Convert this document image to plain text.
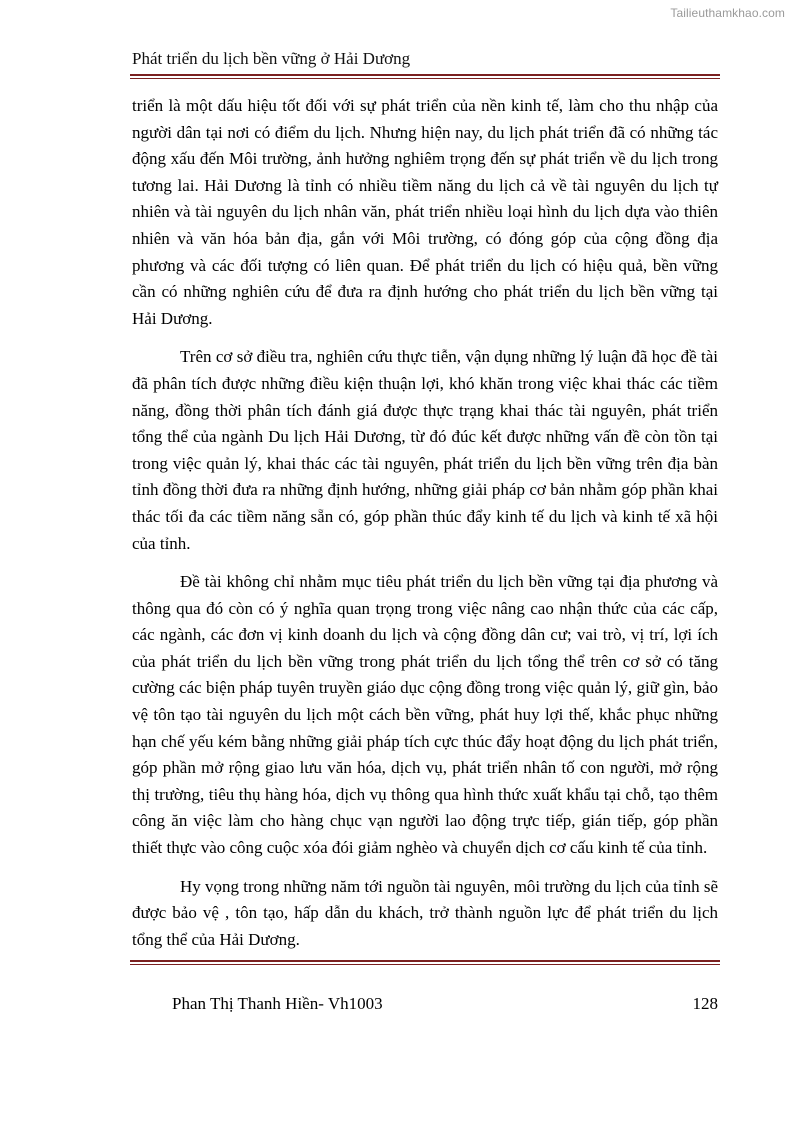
Tailieuthamkhao.com
Phát triển du lịch bền vững ở Hải Dương

triển là một dấu hiệu tốt đối với sự phát triển của nền kinh tế, làm cho thu nhập của người dân tại nơi có điểm du lịch. Nhưng hiện nay, du lịch phát triển đã có những tác động xấu đến Môi trường, ảnh hưởng nghiêm trọng đến sự phát triển về du lịch trong tương lai. Hải Dương là tỉnh có nhiều tiềm năng du lịch cả về tài nguyên du lịch tự nhiên và tài nguyên du lịch nhân văn, phát triển nhiều loại hình du lịch dựa vào thiên nhiên và văn hóa bản địa, gắn với Môi trường, có đóng góp của cộng đồng địa phương và các đối tượng có liên quan. Để phát triển du lịch có hiệu quả, bền vững cần có những nghiên cứu để đưa ra định hướng cho phát triển du lịch bền vững tại Hải Dương.

Trên cơ sở điều tra, nghiên cứu thực tiễn, vận dụng những lý luận đã học đề tài đã phân tích được những điều kiện thuận lợi, khó khăn trong việc khai thác các tiềm năng, đồng thời phân tích đánh giá được thực trạng khai thác tài nguyên, phát triển tổng thể của ngành Du lịch Hải Dương, từ đó đúc kết được những vấn đề còn tồn tại trong việc quản lý, khai thác các tài nguyên, phát triển du lịch bền vững trên địa bàn tỉnh đồng thời đưa ra những định hướng, những giải pháp cơ bản nhằm góp phần khai thác tối đa các tiềm năng sẵn có, góp phần thúc đẩy kinh tế du lịch và kinh tế xã hội của tỉnh.

Đề tài không chỉ nhằm mục tiêu phát triển du lịch bền vững tại địa phương và thông qua đó còn có ý nghĩa quan trọng trong việc nâng cao nhận thức của các cấp, các ngành, các đơn vị kinh doanh du lịch và cộng đồng dân cư; vai trò, vị trí, lợi ích của phát triển du lịch bền vững trong phát triển du lịch tổng thể trên cơ sở có tăng cường các biện pháp tuyên truyền giáo dục cộng đồng trong việc quản lý, giữ gìn, bảo vệ tôn tạo tài nguyên du lịch một cách bền vững, phát huy lợi thế, khắc phục những hạn chế yếu kém bằng những giải pháp tích cực thúc đẩy hoạt động du lịch phát triển, góp phần mở rộng giao lưu văn hóa, dịch vụ, phát triển nhân tố con người, mở rộng thị trường, tiêu thụ hàng hóa, dịch vụ thông qua hình thức xuất khẩu tại chỗ, tạo thêm công ăn việc làm cho hàng chục vạn người lao động trực tiếp, gián tiếp, góp phần thiết thực vào công cuộc xóa đói giảm nghèo và chuyển dịch cơ cấu kinh tế của tỉnh.

Hy vọng trong những năm tới nguồn tài nguyên, môi trường du lịch của tỉnh sẽ được bảo vệ , tôn tạo, hấp dẫn du khách, trở thành nguồn lực để phát triển du lịch tổng thể của Hải Dương.

Phan Thị Thanh Hiền- Vh1003	128
